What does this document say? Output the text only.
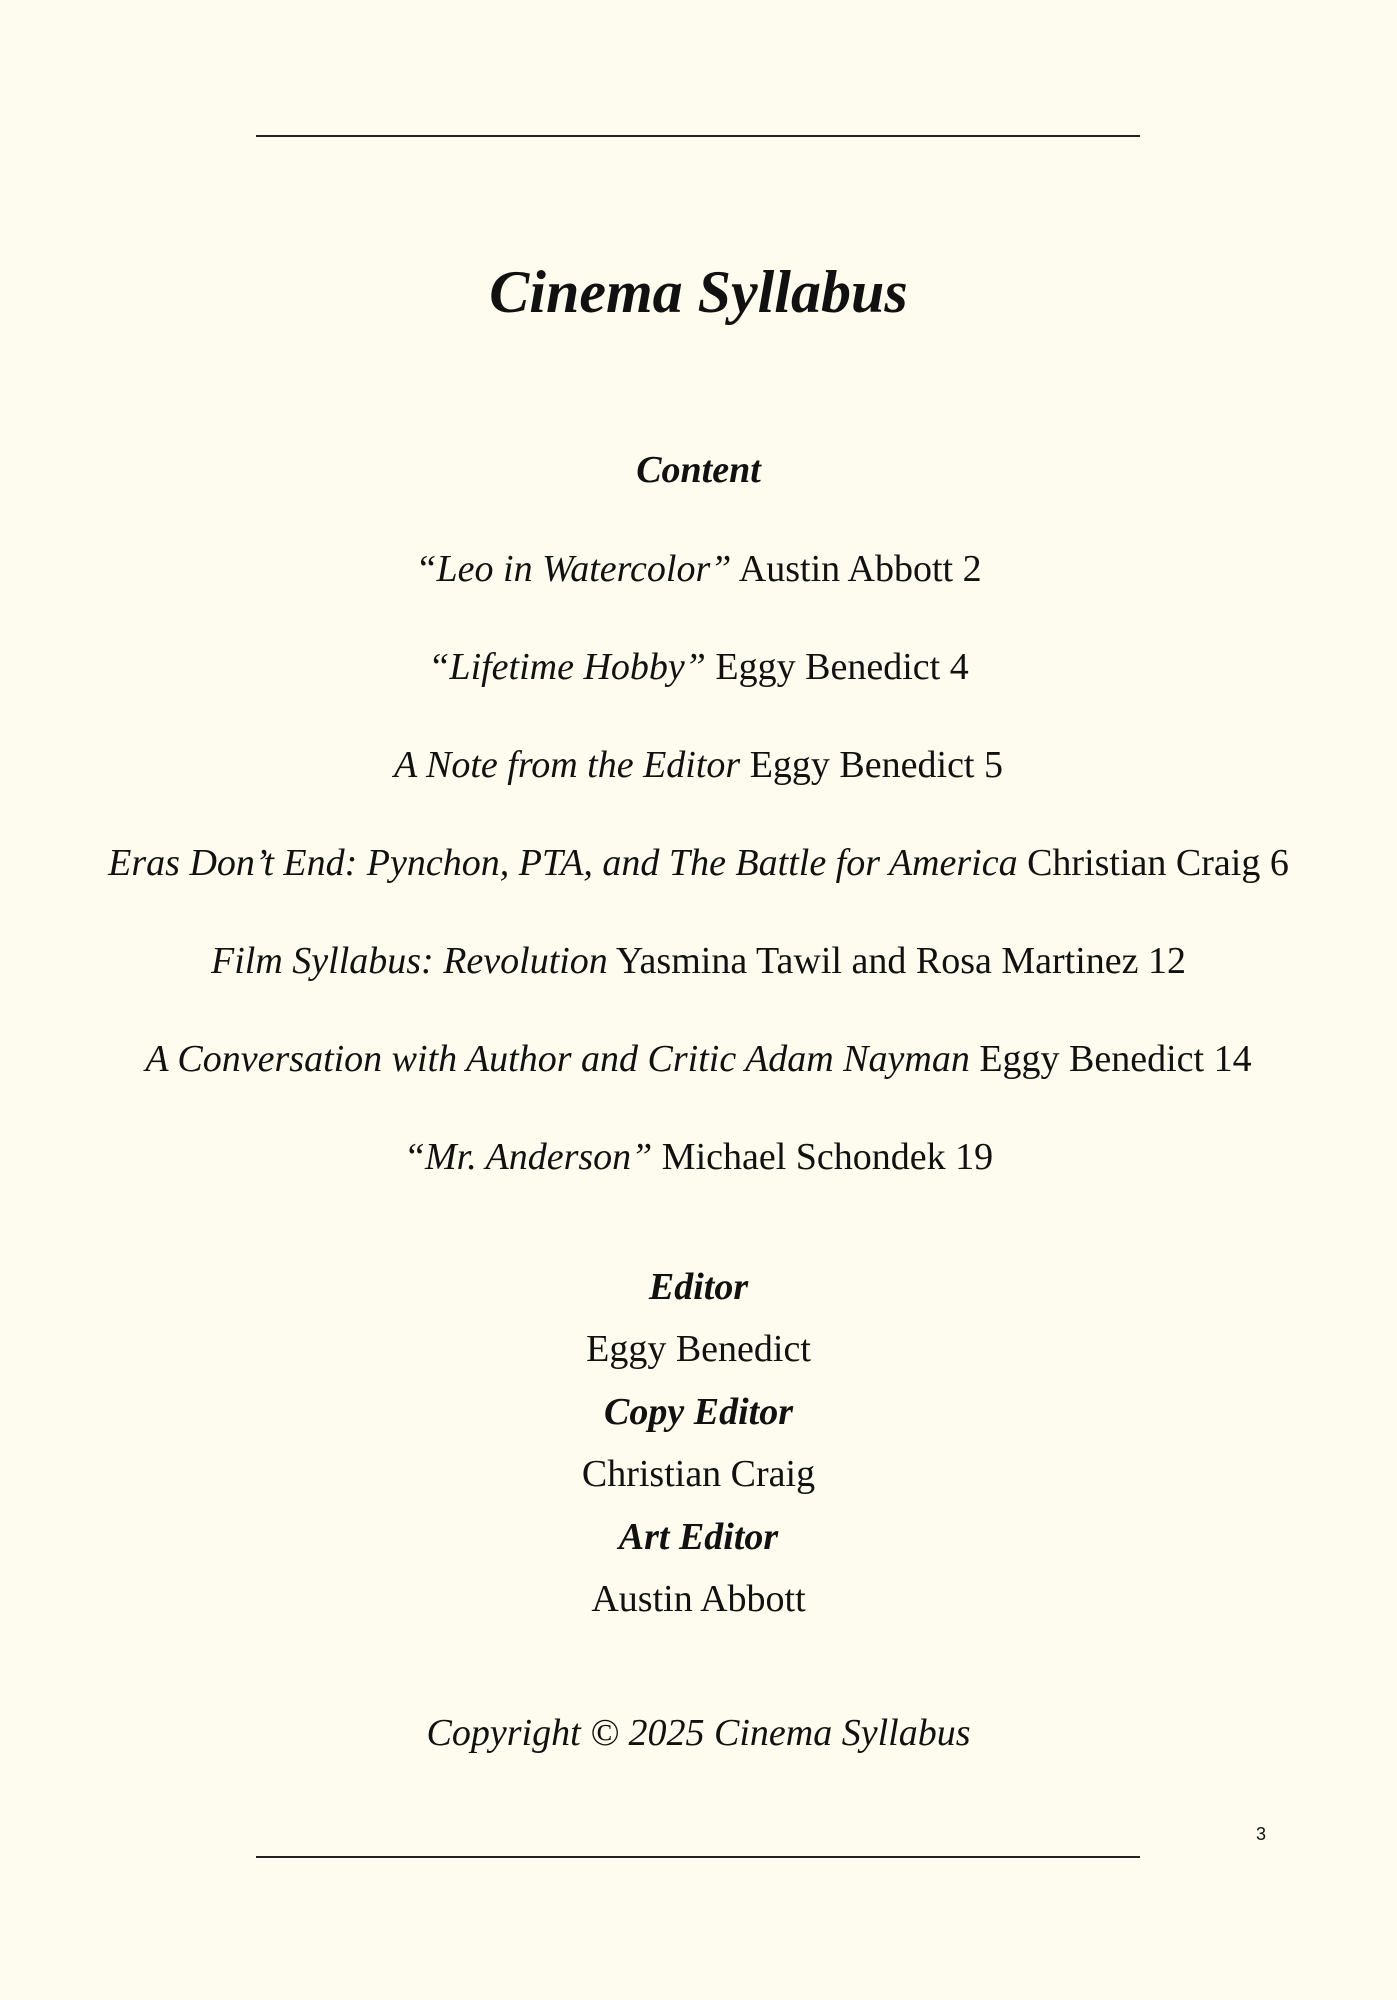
Cinema Syllabus
Content
“Leo in Watercolor” Austin Abbott 2
“Lifetime Hobby” Eggy Benedict 4
A Note from the Editor Eggy Benedict 5
Eras Don’t End: Pynchon, PTA, and The Battle for America Christian Craig 6
Film Syllabus: Revolution Yasmina Tawil and Rosa Martinez 12
A Conversation with Author and Critic Adam Nayman Eggy Benedict 14
“Mr. Anderson” Michael Schondek 19
Editor
Eggy Benedict
Copy Editor
Christian Craig
Art Editor
Austin Abbott
Copyright © 2025 Cinema Syllabus
3
